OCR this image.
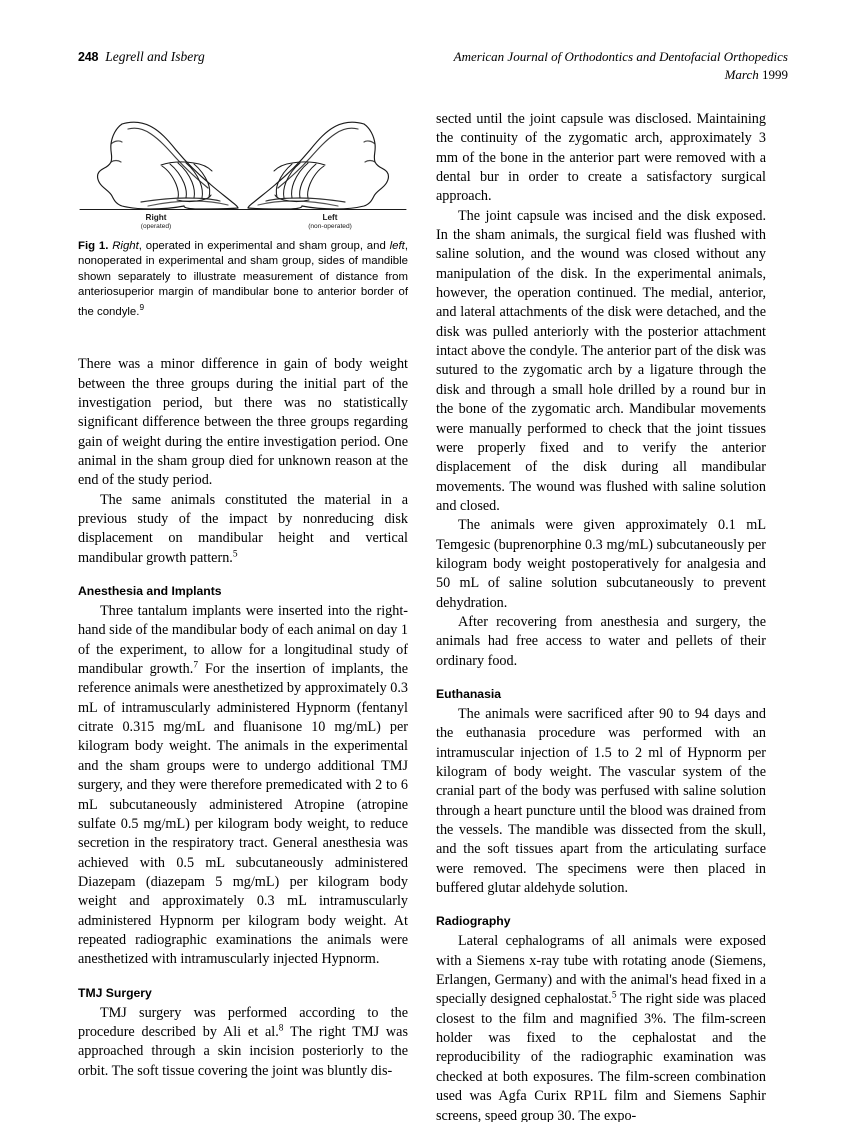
248 Legrell and Isberg	American Journal of Orthodontics and Dentofacial Orthopedics
March 1999
Right
(operated)
Left
(non-operated)
Fig 1. Right, operated in experimental and sham group, and left, nonoperated in experimental and sham group, sides of mandible shown separately to illustrate measurement of distance from anteriosuperior margin of mandibular bone to anterior border of the condyle.$^9$

There was a minor difference in gain of body weight between the three groups during the initial part of the investigation period, but there was no statistically significant difference between the three groups regarding gain of weight during the entire investigation period. One animal in the sham group died for unknown reason at the end of the study period.

The same animals constituted the material in a previous study of the impact by nonreducing disk displacement on mandibular height and vertical mandibular growth pattern.$^5$

Anesthesia and Implants

Three tantalum implants were inserted into the right-hand side of the mandibular body of each animal on day 1 of the experiment, to allow for a longitudinal study of mandibular growth.$^7$ For the insertion of implants, the reference animals were anesthetized by approximately 0.3 mL of intramuscularly administered Hypnorm (fentanyl citrate 0.315 mg/mL and fluanisone 10 mg/mL) per kilogram body weight. The animals in the experimental and the sham groups were to undergo additional TMJ surgery, and they were therefore premedicated with 2 to 6 mL subcutaneously administered Atropine (atropine sulfate 0.5 mg/mL) per kilogram body weight, to reduce secretion in the respiratory tract. General anesthesia was achieved with 0.5 mL subcutaneously administered Diazepam (diazepam 5 mg/mL) per kilogram body weight and approximately 0.3 mL intramuscularly administered Hypnorm per kilogram body weight. At repeated radiographic examinations the animals were anesthetized with intramuscularly injected Hypnorm.

TMJ Surgery

TMJ surgery was performed according to the procedure described by Ali et al.$^8$ The right TMJ was approached through a skin incision posteriorly to the orbit. The soft tissue covering the joint was bluntly dis-

sected until the joint capsule was disclosed. Maintaining the continuity of the zygomatic arch, approximately 3 mm of the bone in the anterior part were removed with a dental bur in order to create a satisfactory surgical approach.

The joint capsule was incised and the disk exposed. In the sham animals, the surgical field was flushed with saline solution, and the wound was closed without any manipulation of the disk. In the experimental animals, however, the operation continued. The medial, anterior, and lateral attachments of the disk were detached, and the disk was pulled anteriorly with the posterior attachment intact above the condyle. The anterior part of the disk was sutured to the zygomatic arch by a ligature through the disk and through a small hole drilled by a round bur in the bone of the zygomatic arch. Mandibular movements were manually performed to check that the joint tissues were properly fixed and to verify the anterior displacement of the disk during all mandibular movements. The wound was flushed with saline solution and closed.

The animals were given approximately 0.1 mL Temgesic (buprenorphine 0.3 mg/mL) subcutaneously per kilogram body weight postoperatively for analgesia and 50 mL of saline solution subcutaneously to prevent dehydration.

After recovering from anesthesia and surgery, the animals had free access to water and pellets of their ordinary food.

Euthanasia

The animals were sacrificed after 90 to 94 days and the euthanasia procedure was performed with an intramuscular injection of 1.5 to 2 ml of Hypnorm per kilogram of body weight. The vascular system of the cranial part of the body was perfused with saline solution through a heart puncture until the blood was drained from the vessels. The mandible was dissected from the skull, and the soft tissues apart from the articulating surface were removed. The specimens were then placed in buffered glutar aldehyde solution.

Radiography

Lateral cephalograms of all animals were exposed with a Siemens x-ray tube with rotating anode (Siemens, Erlangen, Germany) and with the animal's head fixed in a specially designed cephalostat.$^5$ The right side was placed closest to the film and magnified 3%. The film-screen holder was fixed to the cephalostat and the reproducibility of the radiographic examination was checked at both exposures. The film-screen combination used was Agfa Curix RP1L film and Siemens Saphir screens, speed group 30. The expo-
